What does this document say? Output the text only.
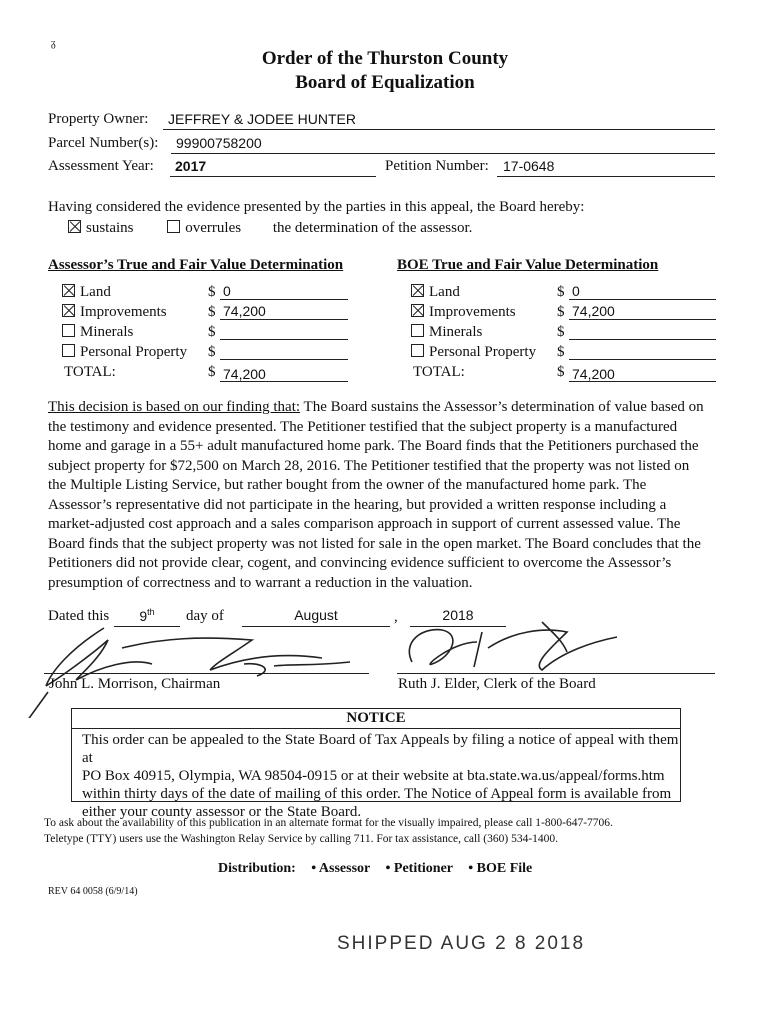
ᵹ
Order of the Thurston County
Board of Equalization
Property Owner: JEFFREY & JODEE HUNTER
Parcel Number(s): 99900758200
Assessment Year: 2017	Petition Number: 17-0648
Having considered the evidence presented by the parties in this appeal, the Board hereby:
sustains	overrules the determination of the assessor.
Assessor’s True and Fair Value Determination
Land	$ 0
Improvements	$ 74,200
Minerals	$
Personal Property $
TOTAL:	$ 74,200
BOE True and Fair Value Determination
Land	$ 0
Improvements	$ 74,200
Minerals	$
Personal Property $
TOTAL:	$ 74,200
This decision is based on our finding that: The Board sustains the Assessor’s determination of value based on
the testimony and evidence presented. The Petitioner testified that the subject property is a manufactured
home and garage in a 55+ adult manufactured home park. The Board finds that the Petitioners purchased the
subject property for $72,500 on March 28, 2016. The Petitioner testified that the property was not listed on
the Multiple Listing Service, but rather bought from the owner of the manufactured home park. The
Assessor’s representative did not participate in the hearing, but provided a written response including a
market-adjusted cost approach and a sales comparison approach in support of current assessed value. The
Board finds that the subject property was not listed for sale in the open market. The Board concludes that the
Petitioners did not provide clear, cogent, and convincing evidence sufficient to overcome the Assessor’s
presumption of correctness and to warrant a reduction in the valuation.
Dated this	9th	day of	August	,	2018
John L. Morrison, Chairman	Ruth J. Elder, Clerk of the Board
NOTICE
This order can be appealed to the State Board of Tax Appeals by filing a notice of appeal with them at
PO Box 40915, Olympia, WA 98504-0915 or at their website at bta.state.wa.us/appeal/forms.htm
within thirty days of the date of mailing of this order. The Notice of Appeal form is available from
either your county assessor or the State Board.
To ask about the availability of this publication in an alternate format for the visually impaired, please call 1-800-647-7706.
Teletype (TTY) users use the Washington Relay Service by calling 711. For tax assistance, call (360) 534-1400.
Distribution: • Assessor • Petitioner • BOE File
REV 64 0058 (6/9/14)
SHIPPED AUG 2 8 2018
